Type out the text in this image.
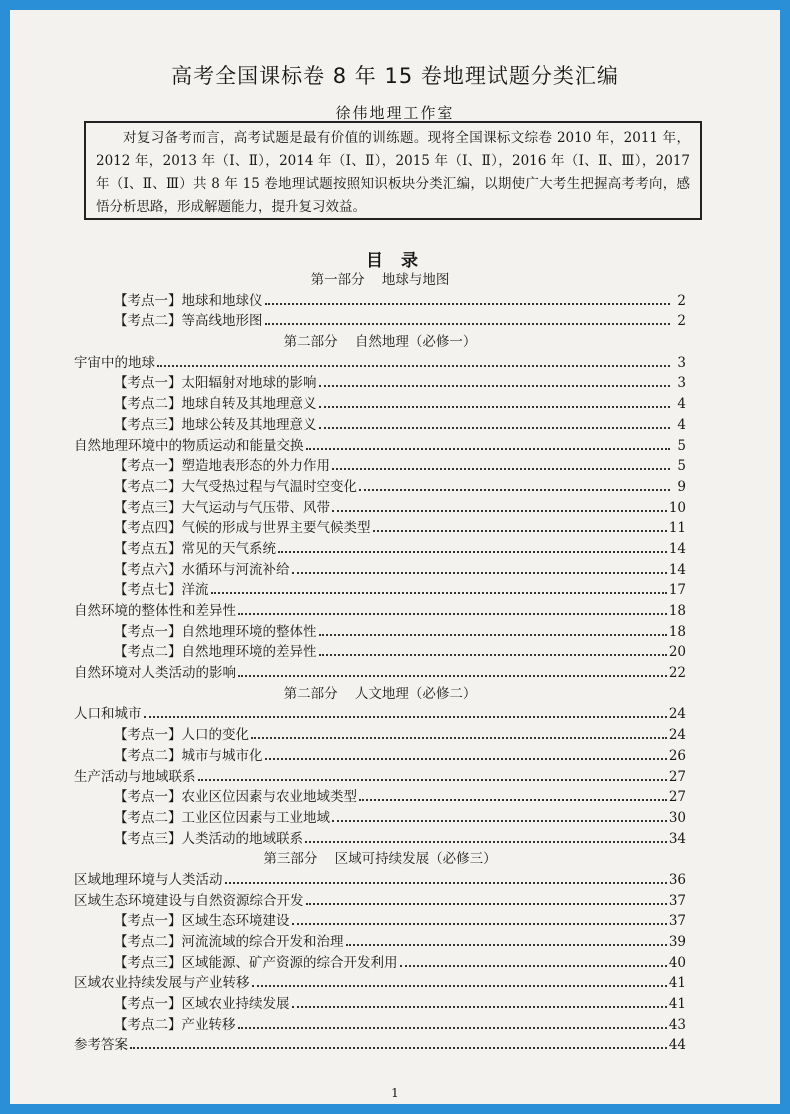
高考全国课标卷 8 年 15 卷地理试题分类汇编
徐伟地理工作室
对复习备考而言，高考试题是最有价值的训练题。现将全国课标文综卷 2010 年，2011 年，2012 年，2013 年（Ⅰ、Ⅱ），2014 年（Ⅰ、Ⅱ），2015 年（Ⅰ、Ⅱ），2016 年（Ⅰ、Ⅱ、Ⅲ），2017 年（Ⅰ、Ⅱ、Ⅲ）共 8 年 15 卷地理试题按照知识板块分类汇编，以期使广大考生把握高考考向，感悟分析思路，形成解题能力，提升复习效益。
目 录
第一部分    地球与地图
【考点一】地球和地球仪	2
【考点二】等高线地形图	2
第二部分    自然地理（必修一）
宇宙中的地球	3
【考点一】太阳辐射对地球的影响	3
【考点二】地球自转及其地理意义	4
【考点三】地球公转及其地理意义	4
自然地理环境中的物质运动和能量交换	5
【考点一】塑造地表形态的外力作用	5
【考点二】大气受热过程与气温时空变化	9
【考点三】大气运动与气压带、风带	10
【考点四】气候的形成与世界主要气候类型	11
【考点五】常见的天气系统	14
【考点六】水循环与河流补给	14
【考点七】洋流	17
自然环境的整体性和差异性	18
【考点一】自然地理环境的整体性	18
【考点二】自然地理环境的差异性	20
自然环境对人类活动的影响	22
第二部分    人文地理（必修二）
人口和城市	24
【考点一】人口的变化	24
【考点二】城市与城市化	26
生产活动与地域联系	27
【考点一】农业区位因素与农业地域类型	27
【考点二】工业区位因素与工业地域	30
【考点三】人类活动的地域联系	34
第三部分    区域可持续发展（必修三）
区域地理环境与人类活动	36
区域生态环境建设与自然资源综合开发	37
【考点一】区域生态环境建设	37
【考点二】河流流域的综合开发和治理	39
【考点三】区域能源、矿产资源的综合开发利用	40
区域农业持续发展与产业转移	41
【考点一】区域农业持续发展	41
【考点二】产业转移	43
参考答案	44
1
